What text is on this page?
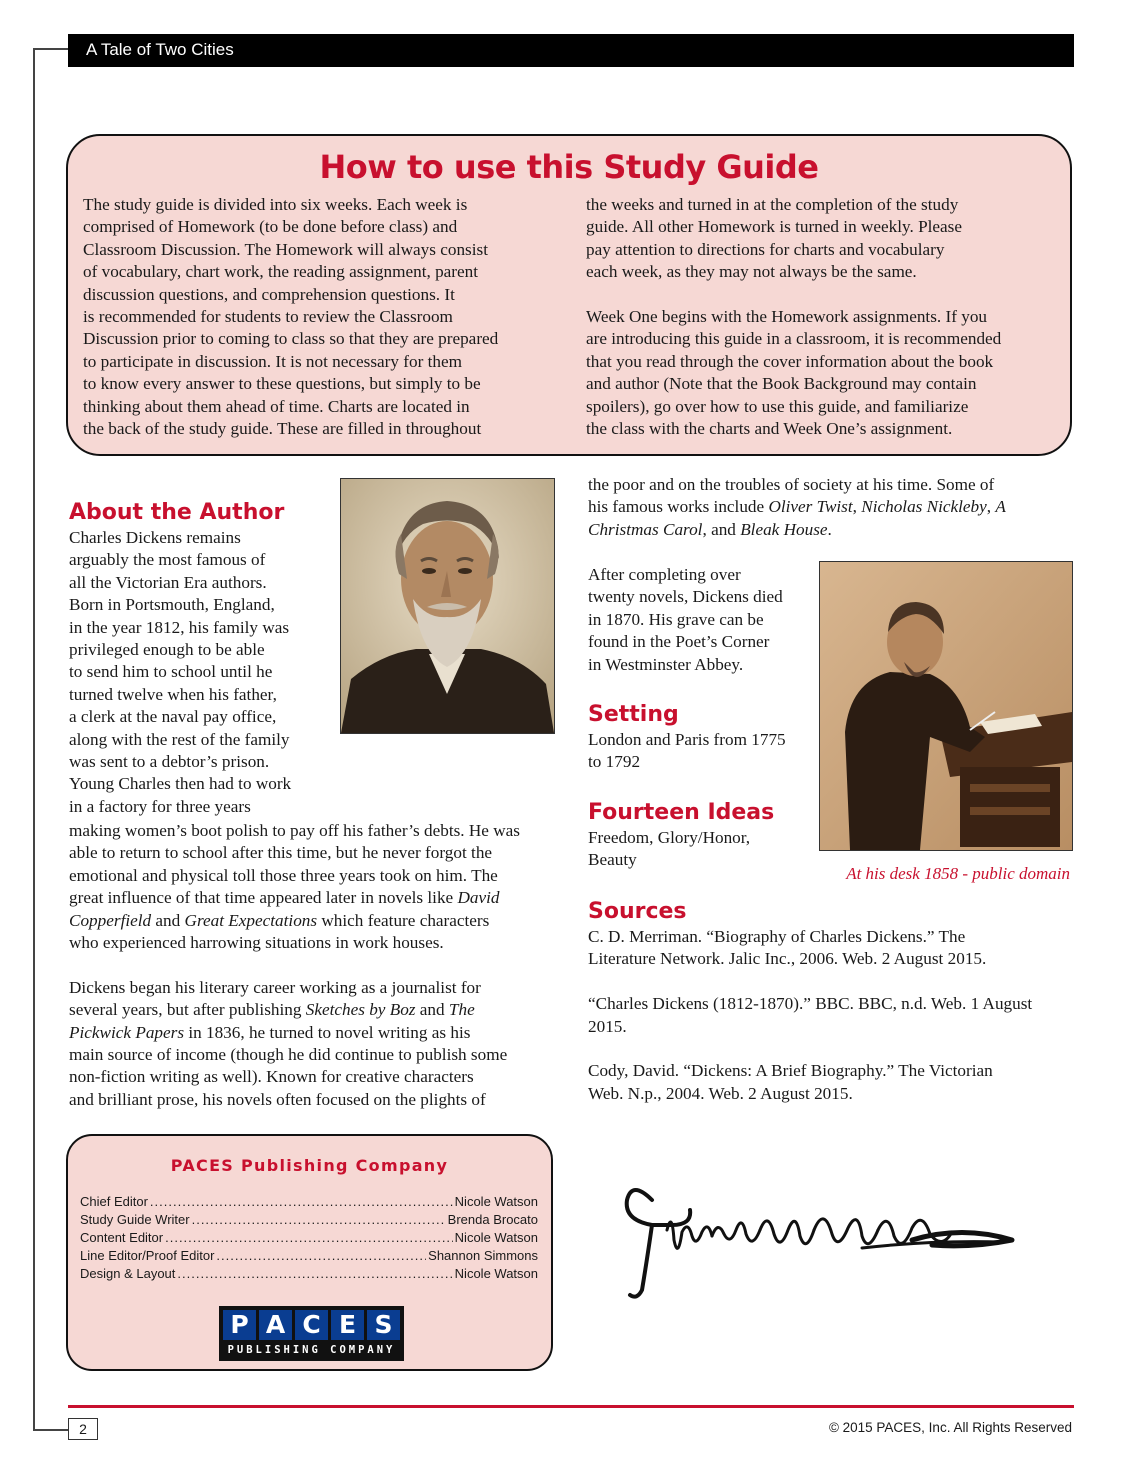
A Tale of Two Cities
How to use this Study Guide
The study guide is divided into six weeks. Each week is
comprised of Homework (to be done before class) and
Classroom Discussion. The Homework will always consist
of vocabulary, chart work, the reading assignment, parent
discussion questions, and comprehension questions. It
is recommended for students to review the Classroom
Discussion prior to coming to class so that they are prepared
to participate in discussion. It is not necessary for them
to know every answer to these questions, but simply to be
thinking about them ahead of time. Charts are located in
the back of the study guide. These are filled in throughout
the weeks and turned in at the completion of the study
guide. All other Homework is turned in weekly. Please
pay attention to directions for charts and vocabulary
each week, as they may not always be the same.
Week One begins with the Homework assignments. If you
are introducing this guide in a classroom, it is recommended
that you read through the cover information about the book
and author (Note that the Book Background may contain
spoilers), go over how to use this guide, and familiarize
the class with the charts and Week One’s assignment.
About the Author
Charles Dickens remains
arguably the most famous of
all the Victorian Era authors.
Born in Portsmouth, England,
in the year 1812, his family was
privileged enough to be able
to send him to school until he
turned twelve when his father,
a clerk at the naval pay office,
along with the rest of the family
was sent to a debtor’s prison.
Young Charles then had to work
in a factory for three years
making women’s boot polish to pay off his father’s debts. He was
able to return to school after this time, but he never forgot the
emotional and physical toll those three years took on him. The
great influence of that time appeared later in novels like David
Copperfield and Great Expectations which feature characters
who experienced harrowing situations in work houses.
Dickens began his literary career working as a journalist for
several years, but after publishing Sketches by Boz and The
Pickwick Papers in 1836, he turned to novel writing as his
main source of income (though he did continue to publish some
non-fiction writing as well). Known for creative characters
and brilliant prose, his novels often focused on the plights of
the poor and on the troubles of society at his time. Some of
his famous works include Oliver Twist, Nicholas Nickleby, A
Christmas Carol, and Bleak House.
After completing over
twenty novels, Dickens died
in 1870. His grave can be
found in the Poet’s Corner
in Westminster Abbey.
Setting
London and Paris from 1775
to 1792
Fourteen Ideas
Freedom, Glory/Honor,
Beauty
At his desk 1858 - public domain
Sources
C. D. Merriman. “Biography of Charles Dickens.” The
Literature Network. Jalic Inc., 2006. Web. 2 August 2015.
“Charles Dickens (1812-1870).” BBC. BBC, n.d. Web. 1 August
2015.
Cody, David. “Dickens: A Brief Biography.” The Victorian
Web. N.p., 2004. Web. 2 August 2015.
PACES Publishing Company
Chief Editor .....	Nicole Watson
Study Guide Writer .....	Brenda Brocato
Content Editor .....	Nicole Watson
Line Editor/Proof Editor .....	Shannon Simmons
Design & Layout .....	Nicole Watson
P A C E S
PUBLISHING COMPANY
2	© 2015 PACES, Inc. All Rights Reserved
